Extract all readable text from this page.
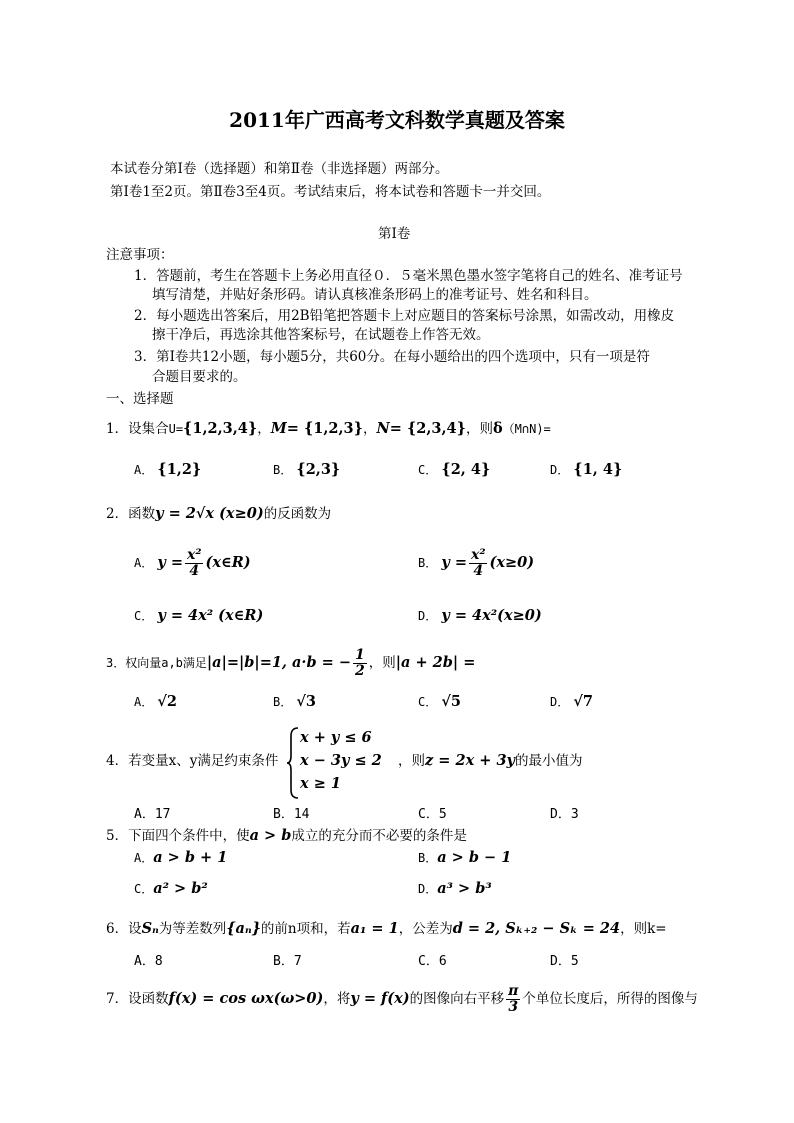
2011年广西高考文科数学真题及答案
本试卷分第Ⅰ卷（选择题）和第Ⅱ卷（非选择题）两部分。
第Ⅰ卷1至2页。第Ⅱ卷3至4页。考试结束后，将本试卷和答题卡一并交回。
第Ⅰ卷
注意事项：
1．答题前，考生在答题卡上务必用直径０．５毫米黑色墨水签字笔将自己的姓名、准考证号
填写清楚，并贴好条形码。请认真核准条形码上的准考证号、姓名和科目。
2．每小题选出答案后，用2B铅笔把答题卡上对应题目的答案标号涂黑，如需改动，用橡皮
擦干净后，再选涂其他答案标号，在试题卷上作答无效。
3．第Ⅰ卷共12小题，每小题5分，共60分。在每小题给出的四个选项中，只有一项是符
合题目要求的。
一、选择题
1．设集合U={1,2,3,4}，M= {1,2,3}，N= {2,3,4}，则δ（M∩N)=
A． {1,2}	B． {2,3}	C． {2, 4}	D． {1, 4}
2．函数y = 2√x (x≥0)的反函数为
A． $y = \frac{\text{x²}}{4}$ (x∈R)	B． $y = \frac{\text{x²}}{4} (x\ge 0)$
C． y = 4x² (x∈R)	D． y = 4x²(x≥0)
3．权向量a,b满足|a|=|b|=1, a·b = − $\frac{1}{2}$ ，则|a + 2b| =
A． √2	B． √3	C． √5	D． √7
4．若变量x、y满足约束条件
x + y ≤ 6
x − 3y ≤ 2
x ≥ 1
，则z = 2x + 3y的最小值为
A．17	B．14	C．5	D．3
5．下面四个条件中，使a > b成立的充分而不必要的条件是
A．a > b + 1	B．a > b − 1
C．a² > b²	D．a³ > b³
6．设Sₙ为等差数列{aₙ}的前n项和，若a₁ = 1，公差为d = 2, Sₖ₊₂ − Sₖ = 24，则k=
A．8	B．7	C．6	D．5
7．设函数f(x) = cos ωx(ω>0)，将y = f(x)的图像向右平移 $\frac{\pi}{3}$ 个单位长度后，所得的图像与
